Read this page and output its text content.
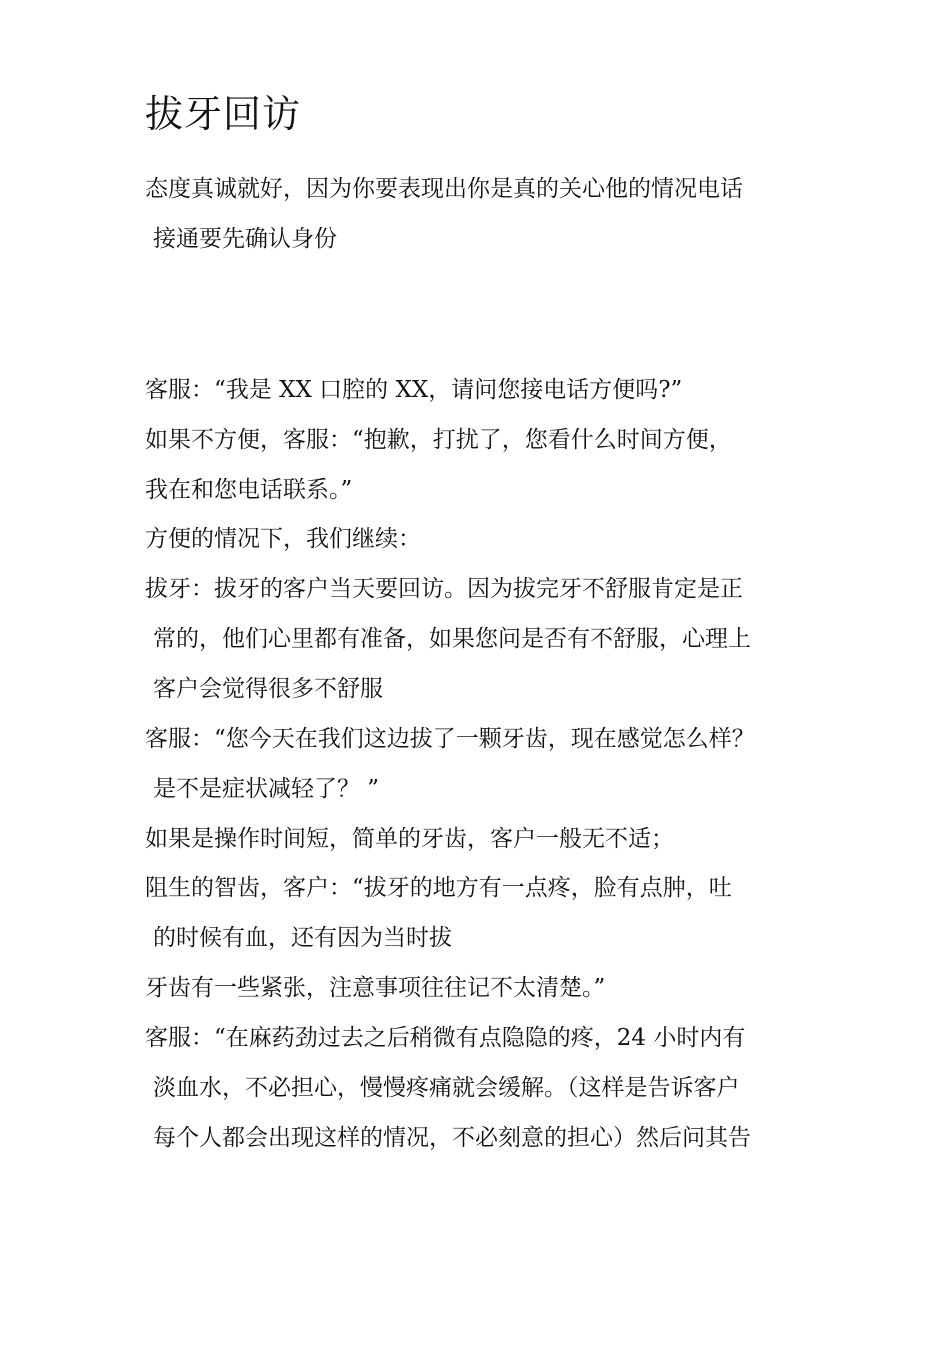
拔牙回访
态度真诚就好，因为你要表现出你是真的关心他的情况电话
接通要先确认身份
客服：“我是 XX 口腔的 XX，请问您接电话方便吗?”
如果不方便，客服：“抱歉，打扰了，您看什么时间方便，
我在和您电话联系。”
方便的情况下，我们继续：
拔牙：拔牙的客户当天要回访。因为拔完牙不舒服肯定是正
常的，他们心里都有准备，如果您问是否有不舒服，心理上
客户会觉得很多不舒服
客服：“您今天在我们这边拔了一颗牙齿，现在感觉怎么样？
是不是症状减轻了？ ”
如果是操作时间短，简单的牙齿，客户一般无不适；
阻生的智齿，客户：“拔牙的地方有一点疼，脸有点肿，吐
的时候有血，还有因为当时拔
牙齿有一些紧张，注意事项往往记不太清楚。”
客服：“在麻药劲过去之后稍微有点隐隐的疼，24 小时内有
淡血水，不必担心，慢慢疼痛就会缓解。（这样是告诉客户
每个人都会出现这样的情况，不必刻意的担心）然后问其告
